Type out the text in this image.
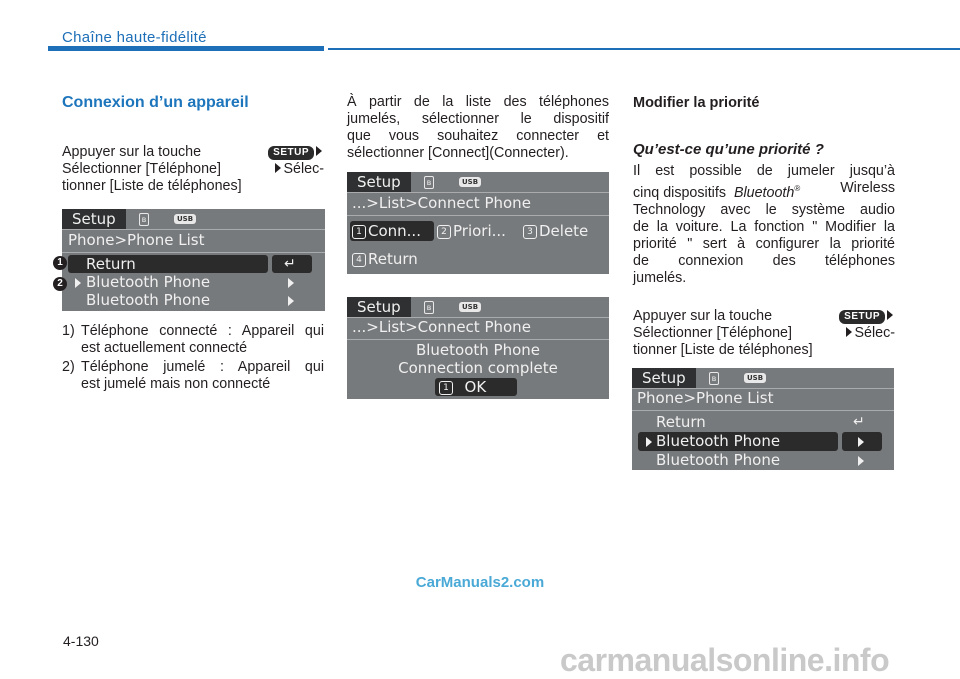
Chaîne haute-fidélité
Connexion d’un appareil
Appuyer sur la touche	SETUP
Sélectionner [Téléphone]	Sélec-
tionner [Liste de téléphones]
Setup	ʙ	USB
Phone>Phone List
Return	↵
Bluetooth Phone
Bluetooth Phone
1
2
1) Téléphone connecté : Appareil qui
est actuellement connecté
2) Téléphone jumelé : Appareil qui
est jumelé mais non connecté
À partir de la liste des téléphones
jumelés, sélectionner le dispositif
que vous souhaitez connecter et
sélectionner [Connect](Connecter).
Setup	ʙ	USB
...>List>Connect Phone
1 Conn...	2 Priori...	3 Delete
4 Return
Setup	ʙ	USB
...>List>Connect Phone
Bluetooth Phone
Connection complete
1 OK
Modifier la priorité
Qu’est-ce qu’une priorité ?
Il est possible de jumeler jusqu’à
cinq dispositifs Bluetooth®	Wireless
Technology avec le système audio
de la voiture. La fonction " Modifier la
priorité " sert à configurer la priorité
de connexion des téléphones
jumelés.
Appuyer sur la touche	SETUP
Sélectionner [Téléphone]	Sélec-
tionner [Liste de téléphones]
Setup	ʙ	USB
Phone>Phone List
Return	↵
Bluetooth Phone
Bluetooth Phone
CarManuals2.com
4-130
carmanualsonline.info
